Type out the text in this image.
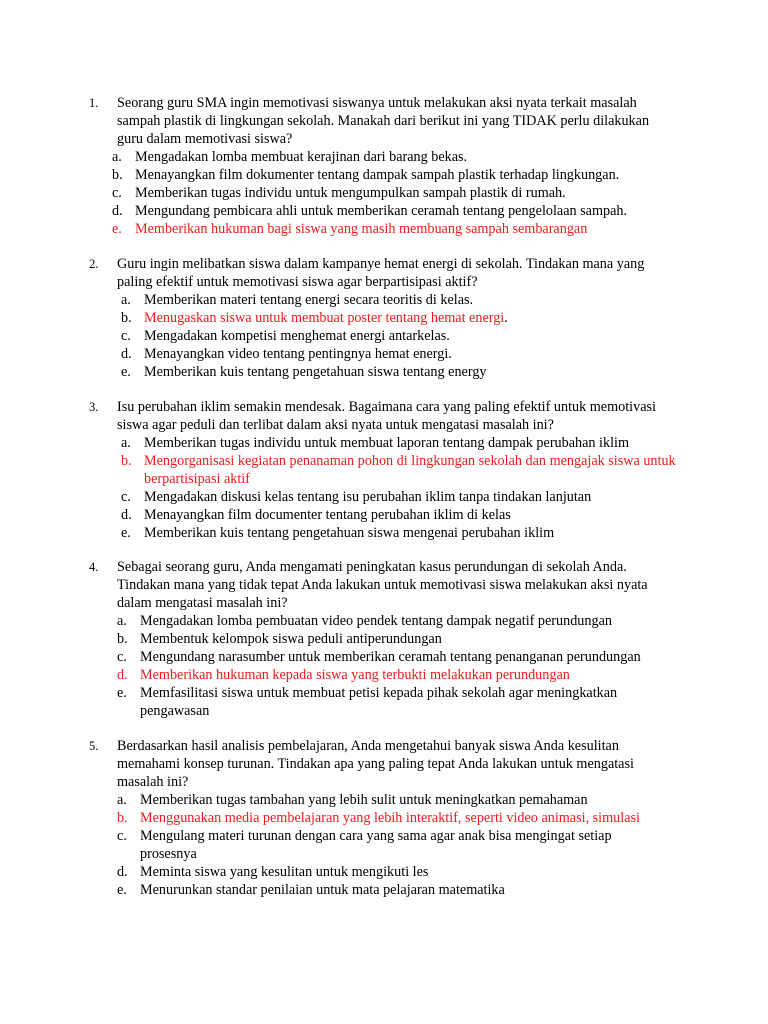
1. Seorang guru SMA ingin memotivasi siswanya untuk melakukan aksi nyata terkait masalah sampah plastik di lingkungan sekolah. Manakah dari berikut ini yang TIDAK perlu dilakukan guru dalam memotivasi siswa?
a. Mengadakan lomba membuat kerajinan dari barang bekas.
b. Menayangkan film dokumenter tentang dampak sampah plastik terhadap lingkungan.
c. Memberikan tugas individu untuk mengumpulkan sampah plastik di rumah.
d. Mengundang pembicara ahli untuk memberikan ceramah tentang pengelolaan sampah.
e. Memberikan hukuman bagi siswa yang masih membuang sampah sembarangan
2. Guru ingin melibatkan siswa dalam kampanye hemat energi di sekolah. Tindakan mana yang paling efektif untuk memotivasi siswa agar berpartisipasi aktif?
a. Memberikan materi tentang energi secara teoritis di kelas.
b. Menugaskan siswa untuk membuat poster tentang hemat energi.
c. Mengadakan kompetisi menghemat energi antarkelas.
d. Menayangkan video tentang pentingnya hemat energi.
e. Memberikan kuis tentang pengetahuan siswa tentang energy
3. Isu perubahan iklim semakin mendesak. Bagaimana cara yang paling efektif untuk memotivasi siswa agar peduli dan terlibat dalam aksi nyata untuk mengatasi masalah ini?
a. Memberikan tugas individu untuk membuat laporan tentang dampak perubahan iklim
b. Mengorganisasi kegiatan penanaman pohon di lingkungan sekolah dan mengajak siswa untuk berpartisipasi aktif
c. Mengadakan diskusi kelas tentang isu perubahan iklim tanpa tindakan lanjutan
d. Menayangkan film documenter tentang perubahan iklim di kelas
e. Memberikan kuis tentang pengetahuan siswa mengenai perubahan iklim
4. Sebagai seorang guru, Anda mengamati peningkatan kasus perundungan di sekolah Anda. Tindakan mana yang tidak tepat Anda lakukan untuk memotivasi siswa melakukan aksi nyata dalam mengatasi masalah ini?
a. Mengadakan lomba pembuatan video pendek tentang dampak negatif perundungan
b. Membentuk kelompok siswa peduli antiperundungan
c. Mengundang narasumber untuk memberikan ceramah tentang penanganan perundungan
d. Memberikan hukuman kepada siswa yang terbukti melakukan perundungan
e. Memfasilitasi siswa untuk membuat petisi kepada pihak sekolah agar meningkatkan pengawasan
5. Berdasarkan hasil analisis pembelajaran, Anda mengetahui banyak siswa Anda kesulitan memahami konsep turunan. Tindakan apa yang paling tepat Anda lakukan untuk mengatasi masalah ini?
a. Memberikan tugas tambahan yang lebih sulit untuk meningkatkan pemahaman
b. Menggunakan media pembelajaran yang lebih interaktif, seperti video animasi, simulasi
c. Mengulang materi turunan dengan cara yang sama agar anak bisa mengingat setiap prosesnya
d. Meminta siswa yang kesulitan untuk mengikuti les
e. Menurunkan standar penilaian untuk mata pelajaran matematika
